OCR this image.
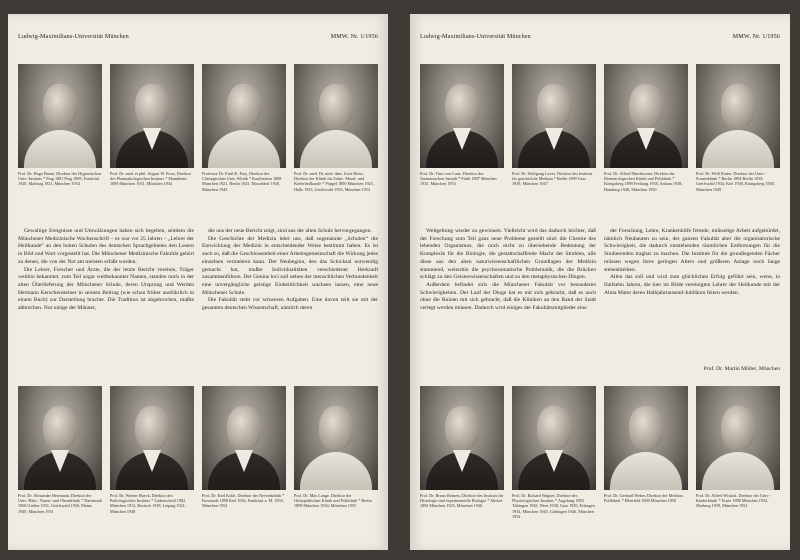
Ludwig-Maximilians-Universität München	MMW. Nr. 1/1956
Prof. Dr. Hugo Braun, Direktor des Hygienischen Univ.-Instituts * Prag 1881 Prag 1909, Frankfurt 1920, Marburg 1921, München 1934
Prof. Dr. med. et phil. August W. Forst, Direktor des Pharmakologischen Instituts * Mannheim 1890 München 1931, München 1934
Professor Dr. Emil K. Frey, Direktor der Chirurgischen Univ.-Klinik * Kaufbeuren 1888 München 1921, Berlin 1923, Düsseldorf 1930, München 1943
Prof. Dr. med. Dr. med. dent. Josef Heiss, Direktor der Klinik für Zahn-, Mund- und Kieferheilkunde * Pöppel 1890 München 1925, Halle 1933, Greifswald 1933, München 1954

Gewaltige Ereignisse und Umwälzungen haben sich begeben, seitdem die Münchener Medizinische Wochenschrift – es war vor 25 Jahren – „Lehrer der Heilkunde“ an den hohen Schulen des deutschen Sprachgebietes den Lesern in Bild und Wort vorgestellt hat. Die Münchener Medizinische Fakultät gehört zu denen, die von der Not am meisten erfaßt wurden.

Die Lehrer, Forscher und Ärzte, die der letzte Bericht vereinte, Träger weithin bekannter, zum Teil sogar weltbekannter Namen, standen noch in der alten Überlieferung der Münchener Schule, deren Ursprung und Werden Hermann Kerschensteiner in seinem Beitrag (wie schon früher ausführlich in einem Buch) zur Darstellung brachte. Die Tradition ist abgebrochen, mußte abbrechen. Nur einige der Männer,

die uns der neue Bericht zeigt, sind aus der alten Schule hervorgegangen.

Die Geschichte der Medizin lehrt uns, daß sogenannte „Schulen“ die Entwicklung der Medizin in entscheidender Weise bestimmt haben. Es ist auch so, daß die Geschlossenheit einer Arbeitsgemeinschaft die Wirkung jedes einzelnen vermehren kann. Der Neubeginn, den das Schicksal notwendig gemacht hat, mußte Individualitäten verschiedener Herkunft zusammenführen. Der Genius loci soll neben der menschlichen Verbundenheit eine unvergängliche geistige Einheitlichkeit wachsen lassen, eine neue Münchener Schule.

Die Fakultät steht vor schweren Aufgaben. Eine davon teilt sie mit der gesamten deutschen Wissenschaft, nämlich deren

Prof. Dr. Alexander Herrmann, Direktor der Univ.-Hals-, Nasen- und Ohrenklinik * Darmstadt 1900 Gießen 1931, Greifswald 1936, Mainz 1949, München 1951
Prof. Dr. Werner Hueck, Direktor des Pathologischen Instituts * Lüdenscheid 1882 München 1912, Rostock 1918, Leipzig 1921, München 1948
Prof. Dr. Karl Kolle, Direktor der Nervenklinik * Kronstadt 1898 Kiel 1936, Frankfurt a. M. 1950, München 1952
Prof. Dr. Max Lange, Direktor der Orthopädischen Klinik und Poliklinik * Berlin 1899 München 1934, München 1955
Ludwig-Maximilians-Universität München	MMW. Nr. 1/1956
Prof. Dr. Titus von Lanz, Direktor der Anatomischen Anstalt * Fürth 1897 München 1935, München 1953
Prof. Dr. Wolfgang Laves, Direktor des Instituts für gerichtliche Medizin * Berlin 1899 Graz 1939, München 1947
Prof. Dr. Alfred Marchionini, Direktor der Dermatologischen Klinik und Poliklinik * Königsberg 1899 Freiburg 1938, Ankara 1938, Hamburg 1948, München 1950
Prof. Dr. Willi Rotter, Direktor der Univ.-Frauenklinik * Berlin 1894 Berlin 1938, Greifswald 1934, Kiel 1938, Königsberg 1938, München 1949

Weltgeltung wieder zu gewinnen. Vielleicht wird das dadurch leichter, daß der Forschung zum Teil ganz neue Probleme gestellt sind: die Chemie des lebenden Organismus, die noch nicht zu übersehende Bedeutung der Komplexik für die Biologie, die gestaltschaffende Macht der Strahlen, alle diese aus den alten naturwissenschaftlichen Grundlagen der Medizin stammend, weiterhin die psychosomatische Problematik, die die Brücken schlägt zu den Geisteswissenschaften und zu den metaphysischen Dingen.

Außerdem befindet sich die Münchener Fakultät vor besonderen Schwierigkeiten. Der Lauf der Dinge hat es mit sich gebracht, daß es auch ohne die Ruinen mit sich gebracht, daß die Kliniken an den Rand der Stadt verlegt werden müssen. Dadurch wird einiges der Fakultätsmitglieder eine

der Forschung, Lehre, Krankenhilfe fremde, mühselige Arbeit aufgebürdet, nämlich Neubauten zu sein, der ganzen Fakultät aber die organisatorische Schwierigkeit, die dadurch entstehenden räumlichen Entfernungen für die Studierenden tragbar zu machen. Die Institute für die grundlegenden Fächer müssen wegen ihres geringen Alters und größeren Anlage noch lange stehenbleiben.

Allen das soll und wird zum glücklichen Erfolg geführt sein, wenn, in fünfzehn Jahren, die hier im Bilde vereinigten Lehrer der Heilkunde mit der Alma Mater deren Halbjahrtausend-Jubiläum feiern werden.

Prof. Dr. Martin Müller, München
Prof. Dr. Bruno Romeis, Direktor des Instituts für Histologie und experimentelle Biologie * Altdorf 1892 München 1925, München 1946
Prof. Dr. Richard Wagner, Direktor des Physiologischen Instituts * Augsburg 1893 Tübingen 1928, Wien 1938, Graz 1939, Erlangen 1934, München 1945, Göttingen 1946, München 1952
Prof. Dr. Gerhard Weber, Direktor der Medizin. Poliklinik * Elberfeld 1900 München 1950
Prof. Dr. Alfred Wiskott, Direktor der Univ.-Kinderklinik * Essen 1898 München 1933, Marburg 1939, München 1952
